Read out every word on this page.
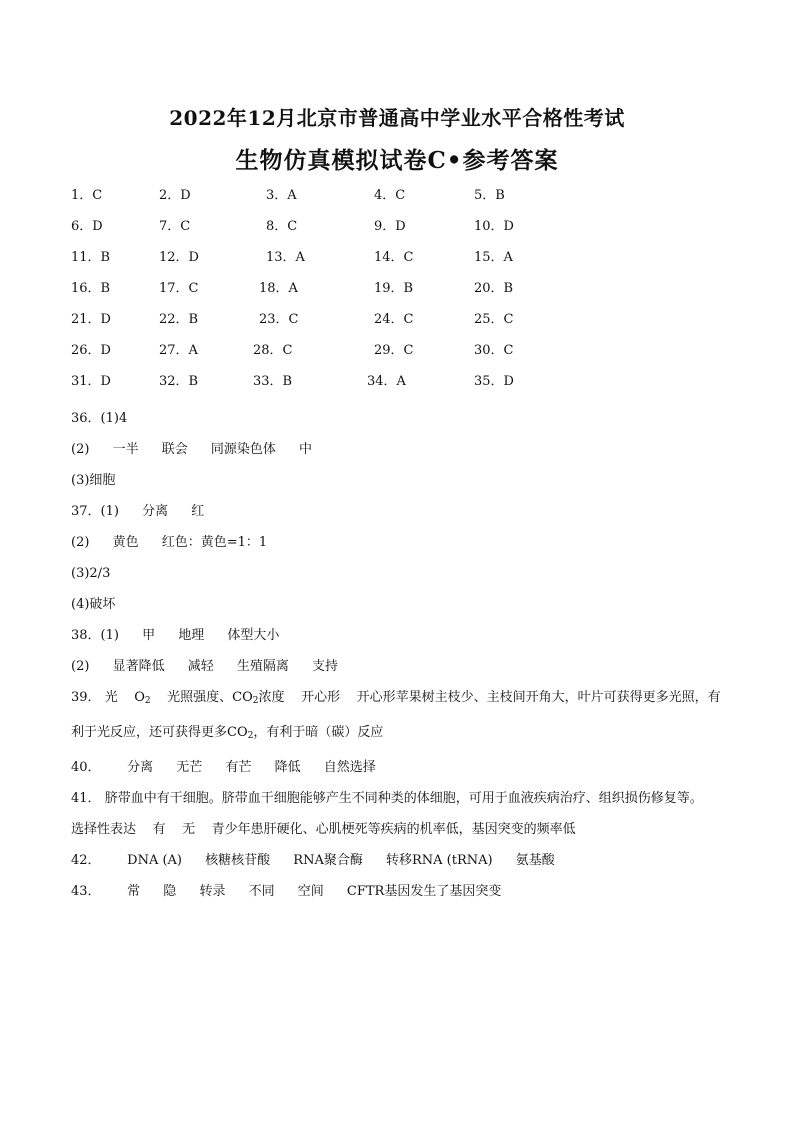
2022年12月北京市普通高中学业水平合格性考试
生物仿真模拟试卷C•参考答案
1．C	2．D	3．A	4．C	5．B
6．D	7．C	8．C	9．D	10．D
11．B	12．D	13．A	14．C	15．A
16．B	17．C	18．A	19．B	20．B
21．D	22．B	23．C	24．C	25．C
26．D	27．A	28．C	29．C	30．C
31．D	32．B	33．B	34．A	35．D
36．(1)4
(2) 一半 联会 同源染色体 中
(3)细胞
37．(1) 分离 红
(2) 黄色 红色：黄色=1：1
(3)2/3
(4)破坏
38．(1) 甲 地理 体型大小
(2) 显著降低 减轻 生殖隔离 支持
39． 光 $O_2$ 光照强度、$CO_2$浓度 开心形 开心形苹果树主枝少、主枝间开角大，叶片可获得更多光照，有利于光反应，还可获得更多$CO_2$，有利于暗（碳）反应
40． 分离 无芒 有芒 降低 自然选择
41． 脐带血中有干细胞。脐带血干细胞能够产生不同种类的体细胞，可用于血液疾病治疗、组织损伤修复等。    选择性表达 有 无 青少年患肝硬化、心肌梗死等疾病的机率低，基因突变的频率低
42． DNA (A) 核糖核苷酸 RNA聚合酶 转移RNA (tRNA) 氨基酸
43． 常 隐 转录 不同 空间 CFTR基因发生了基因突变
